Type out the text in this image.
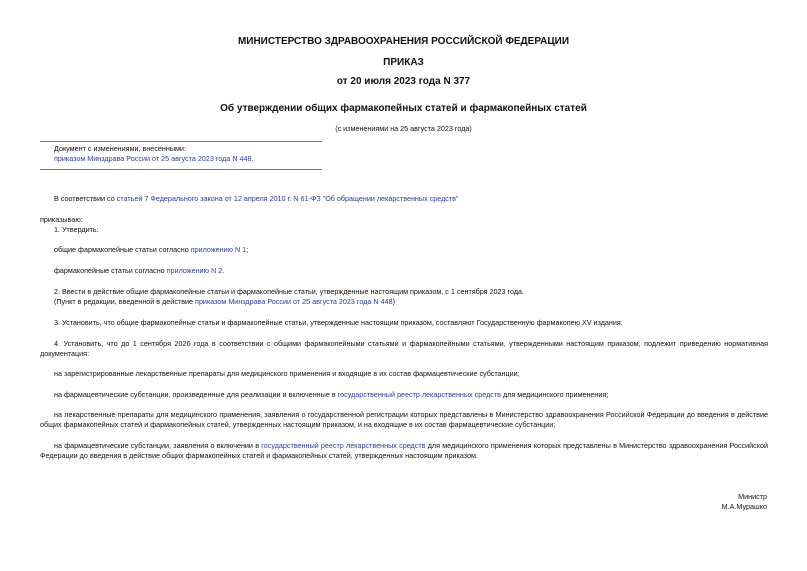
МИНИСТЕРСТВО ЗДРАВООХРАНЕНИЯ РОССИЙСКОЙ ФЕДЕРАЦИИ
ПРИКАЗ
от 20 июля 2023 года N 377
Об утверждении общих фармакопейных статей и фармакопейных статей
(с изменениями на 25 августа 2023 года)
Документ с изменениями, внесенными:
приказом Минздрава России от 25 августа 2023 года N 448.
В соответствии со статьей 7 Федерального закона от 12 апреля 2010 г. N 61-ФЗ "Об обращении лекарственных средств"
приказываю:
1. Утвердить:
общие фармакопейные статьи согласно приложению N 1;
фармакопейные статьи согласно приложению N 2.
2. Ввести в действие общие фармакопейные статьи и фармакопейные статьи, утвержденные настоящим приказом, с 1 сентября 2023 года.
(Пункт в редакции, введенной в действие приказом Минздрава России от 25 августа 2023 года N 448)
3. Установить, что общие фармакопейные статьи и фармакопейные статьи, утвержденные настоящим приказом, составляют Государственную фармакопею XV издания.
4. Установить, что до 1 сентября 2026 года в соответствии с общими фармакопейными статьями и фармакопейными статьями, утвержденными настоящим приказом, подлежит приведению нормативная документация:
на зарегистрированные лекарственные препараты для медицинского применения и входящие в их состав фармацевтические субстанции;
на фармацевтические субстанции, произведенные для реализации и включенные в государственный реестр лекарственных средств для медицинского применения;
на лекарственные препараты для медицинского применения, заявления о государственной регистрации которых представлены в Министерство здравоохранения Российской Федерации до введения в действие общих фармакопейных статей и фармакопейных статей, утвержденных настоящим приказом, и на входящие в их состав фармацевтические субстанции;
на фармацевтические субстанции, заявления о включении в государственный реестр лекарственных средств для медицинского применения которых представлены в Министерство здравоохранения Российской Федерации до введения в действие общих фармакопейных статей и фармакопейных статей, утвержденных настоящим приказом.
Министр
М.А.Мурашко
